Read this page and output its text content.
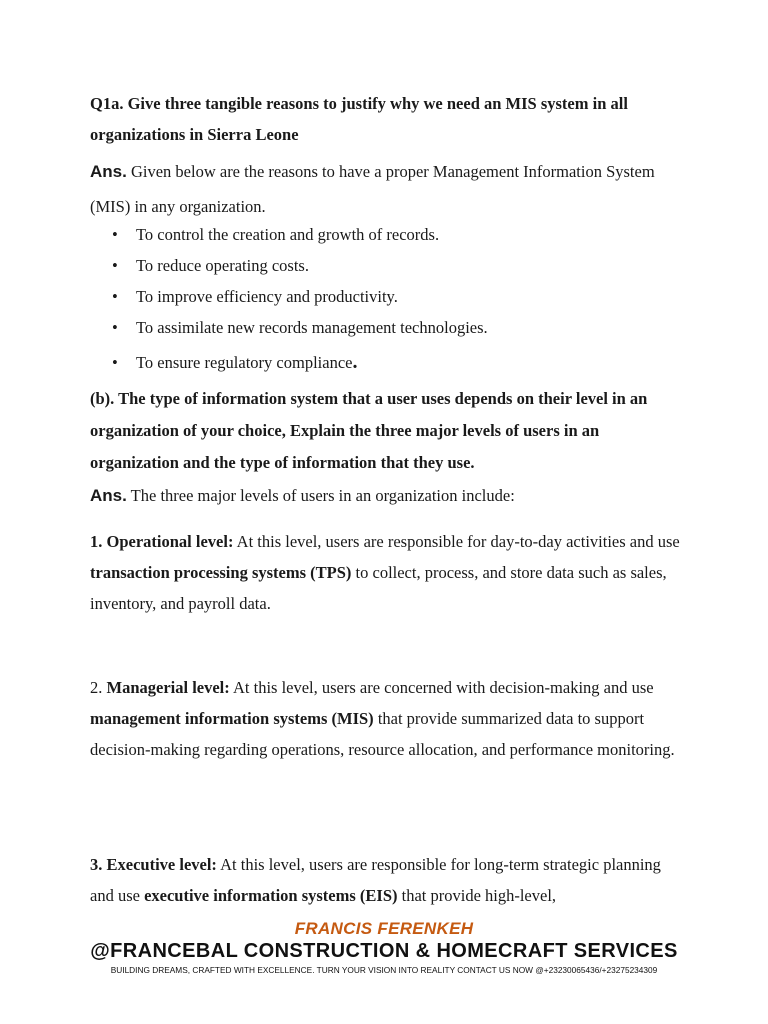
Q1a. Give three tangible reasons to justify why we need an MIS system in all organizations in Sierra Leone

Ans. Given below are the reasons to have a proper Management Information System (MIS) in any organization.

• To control the creation and growth of records.
• To reduce operating costs.
• To improve efficiency and productivity.
• To assimilate new records management technologies.
• To ensure regulatory compliance.

(b). The type of information system that a user uses depends on their level in an organization of your choice, Explain the three major levels of users in an organization and the type of information that they use.

Ans. The three major levels of users in an organization include:

1. Operational level: At this level, users are responsible for day-to-day activities and use transaction processing systems (TPS) to collect, process, and store data such as sales, inventory, and payroll data.

2. Managerial level: At this level, users are concerned with decision-making and use management information systems (MIS) that provide summarized data to support decision-making regarding operations, resource allocation, and performance monitoring.

3. Executive level: At this level, users are responsible for long-term strategic planning and use executive information systems (EIS) that provide high-level,

FRANCIS FERENKEH
@FRANCEBAL CONSTRUCTION & HOMECRAFT SERVICES
BUILDING DREAMS, CRAFTED WITH EXCELLENCE. TURN YOUR VISION INTO REALITY CONTACT US NOW @+23230065436/+23275234309
